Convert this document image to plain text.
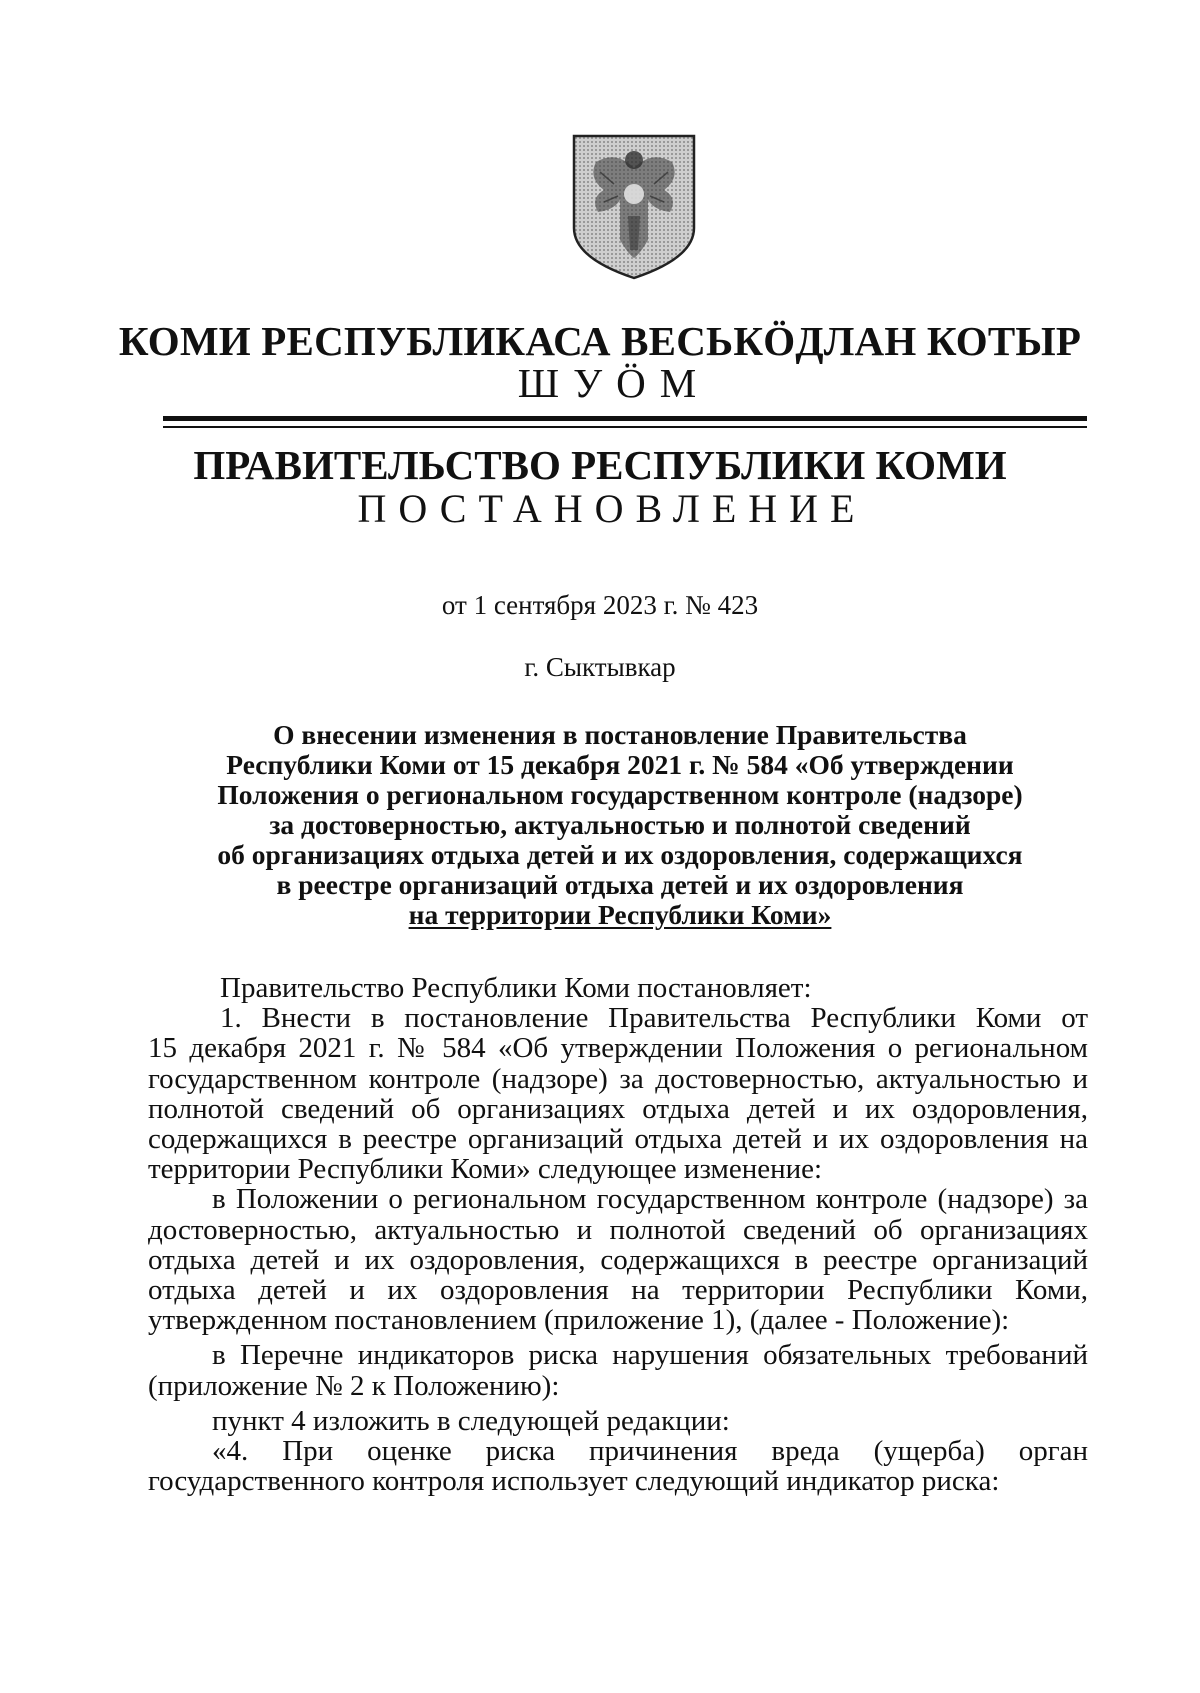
КОМИ РЕСПУБЛИКАСА ВЕСЬКÖДЛАН КОТЫР
ШУÖМ
ПРАВИТЕЛЬСТВО РЕСПУБЛИКИ КОМИ
ПОСТАНОВЛЕНИЕ
от 1 сентября 2023 г. № 423
г. Сыктывкар
О внесении изменения в постановление Правительства
Республики Коми от 15 декабря 2021 г. № 584 «Об утверждении
Положения о региональном государственном контроле (надзоре)
за достоверностью, актуальностью и полнотой сведений
об организациях отдыха детей и их оздоровления, содержащихся
в реестре организаций отдыха детей и их оздоровления
на территории Республики Коми»
Правительство Республики Коми постановляет:
1. Внести в постановление Правительства Республики Коми от
15 декабря 2021 г. № 584 «Об утверждении Положения о региональном
государственном контроле (надзоре) за достоверностью, актуальностью и
полнотой сведений об организациях отдыха детей и их оздоровления,
содержащихся в реестре организаций отдыха детей и их оздоровления на
территории Республики Коми» следующее изменение:
в Положении о региональном государственном контроле (надзоре) за
достоверностью, актуальностью и полнотой сведений об организациях
отдыха детей и их оздоровления, содержащихся в реестре организаций
отдыха детей и их оздоровления на территории Республики Коми,
утвержденном постановлением (приложение 1), (далее - Положение):
в Перечне индикаторов риска нарушения обязательных требований
(приложение № 2 к Положению):
пункт 4 изложить в следующей редакции:
«4. При оценке риска причинения вреда (ущерба) орган
государственного контроля использует следующий индикатор риска:
